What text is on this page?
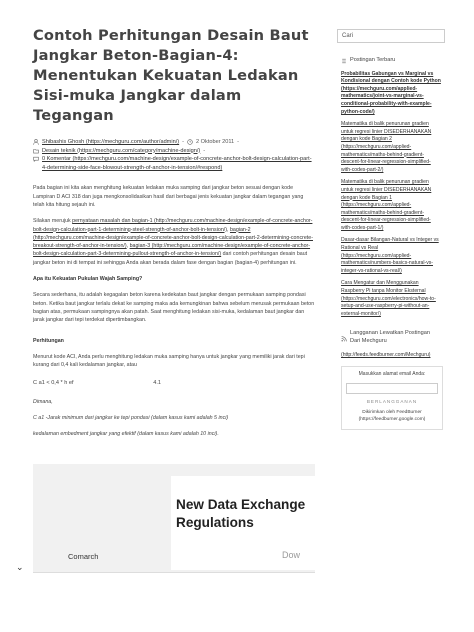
Contoh Perhitungan Desain Baut Jangkar Beton-Bagian-4: Menentukan Kekuatan Ledakan Sisi-muka Jangkar dalam Tegangan
Shibashis Ghosh (https://mechguru.com/author/admin/) - 2 Oktober 2011 -
Desain teknik (https://mechguru.com/category/machine-design/) -
0 Komentar (https://mechguru.com/machine-design/example-of-concrete-anchor-bolt-design-calculation-part-4-determining-side-face-blowout-strength-of-anchor-in-tension/#respond)

Pada bagian ini kita akan menghitung kekuatan ledakan muka samping dari jangkar beton sesuai dengan kode Lampiran D ACI 318 dan juga mengkonsolidasikan hasil dari berbagai jenis kekuatan jangkar dalam tegangan yang telah kita hitung sejauh ini.

Silakan merujuk pernyataan masalah dan bagian-1 (http://mechguru.com/machine-design/example-of-concrete-anchor-bolt-design-calculation-part-1-determining-steel-strength-of-anchor-bolt-in-tension/), bagian-2 (http://mechguru.com/machine-design/example-of-concrete-anchor-bolt-design-calculation-part-2-determining-concrete-breakout-strength-of-anchor-in-tension/), bagian-3 (http://mechguru.com/machine-design/example-of-concrete-anchor-bolt-design-calculation-part-3-determining-pullout-strength-of-anchor-in-tension/) dari contoh perhitungan desain baut jangkar beton ini di tempat ini sehingga Anda akan berada dalam fase dengan bagian (bagian-4) perhitungan ini.

Apa itu Kekuatan Pukulan Wajah Samping?

Secara sederhana, itu adalah kegagalan beton karena kedekatan baut jangkar dengan permukaan samping pondasi beton. Ketika baut jangkar terlalu dekat ke samping maka ada kemungkinan bahwa sebelum merusak permukaan beton bagian atas, permukaan sampingnya akan patah. Saat menghitung ledakan sisi-muka, kedalaman baut jangkar dan jarak jangkar dari tepi terdekat dipertimbangkan.

Perhitungan

Menurut kode ACI, Anda perlu menghitung ledakan muka samping hanya untuk jangkar yang memiliki jarak dari tepi kurang dari 0,4 kali kedalaman jangkar, atau

C a1 < 0,4 * h ef	4.1

Dimana,

C a1 -Jarak minimum dari jangkar ke tepi pondasi (dalam kasus kami adalah 5 inci)

kedalaman embedment jangkar yang efektif (dalam kasus kami adalah 10 inci).

New Data Exchange Regulations
Comarch	Dow
⌄
Cari
Postingan Terbaru
Probabilitas Gabungan vs Marginal vs Kondisional dengan Contoh kode Python (https://mechguru.com/applied-mathematics/joint-vs-marginal-vs-conditional-probability-with-example-python-code/)
Matematika di balik penurunan gradien untuk regresi linier DISEDERHANAKAN dengan kode Bagian 2 (https://mechguru.com/applied-mathematics/maths-behind-gradient-descent-for-linear-regression-simplified-with-codes-part-2/)
Matematika di balik penurunan gradien untuk regresi linier DISEDERHANAKAN dengan kode Bagian 1 (https://mechguru.com/applied-mathematics/maths-behind-gradient-descent-for-linear-regression-simplified-with-codes-part-1/)
Dasar-dasar Bilangan-Natural vs Integer vs Rational vs Real (https://mechguru.com/applied-mathematics/numbers-basics-natural-vs-integer-vs-rational-vs-real/)
Cara Mengatur dan Menggunakan Raspberry Pi tanpa Monitor Eksternal (https://mechguru.com/electronics/how-to-setup-and-use-raspberry-pi-without-an-external-monitor/)
Langganan Lewatkan Postingan Dari Mechguru
(http://feeds.feedburner.com/Mechguru)
Masukkan alamat email Anda:
BERLANGGANAN
Dikirimkan oleh FeedBurner (https://feedburner.google.com)
